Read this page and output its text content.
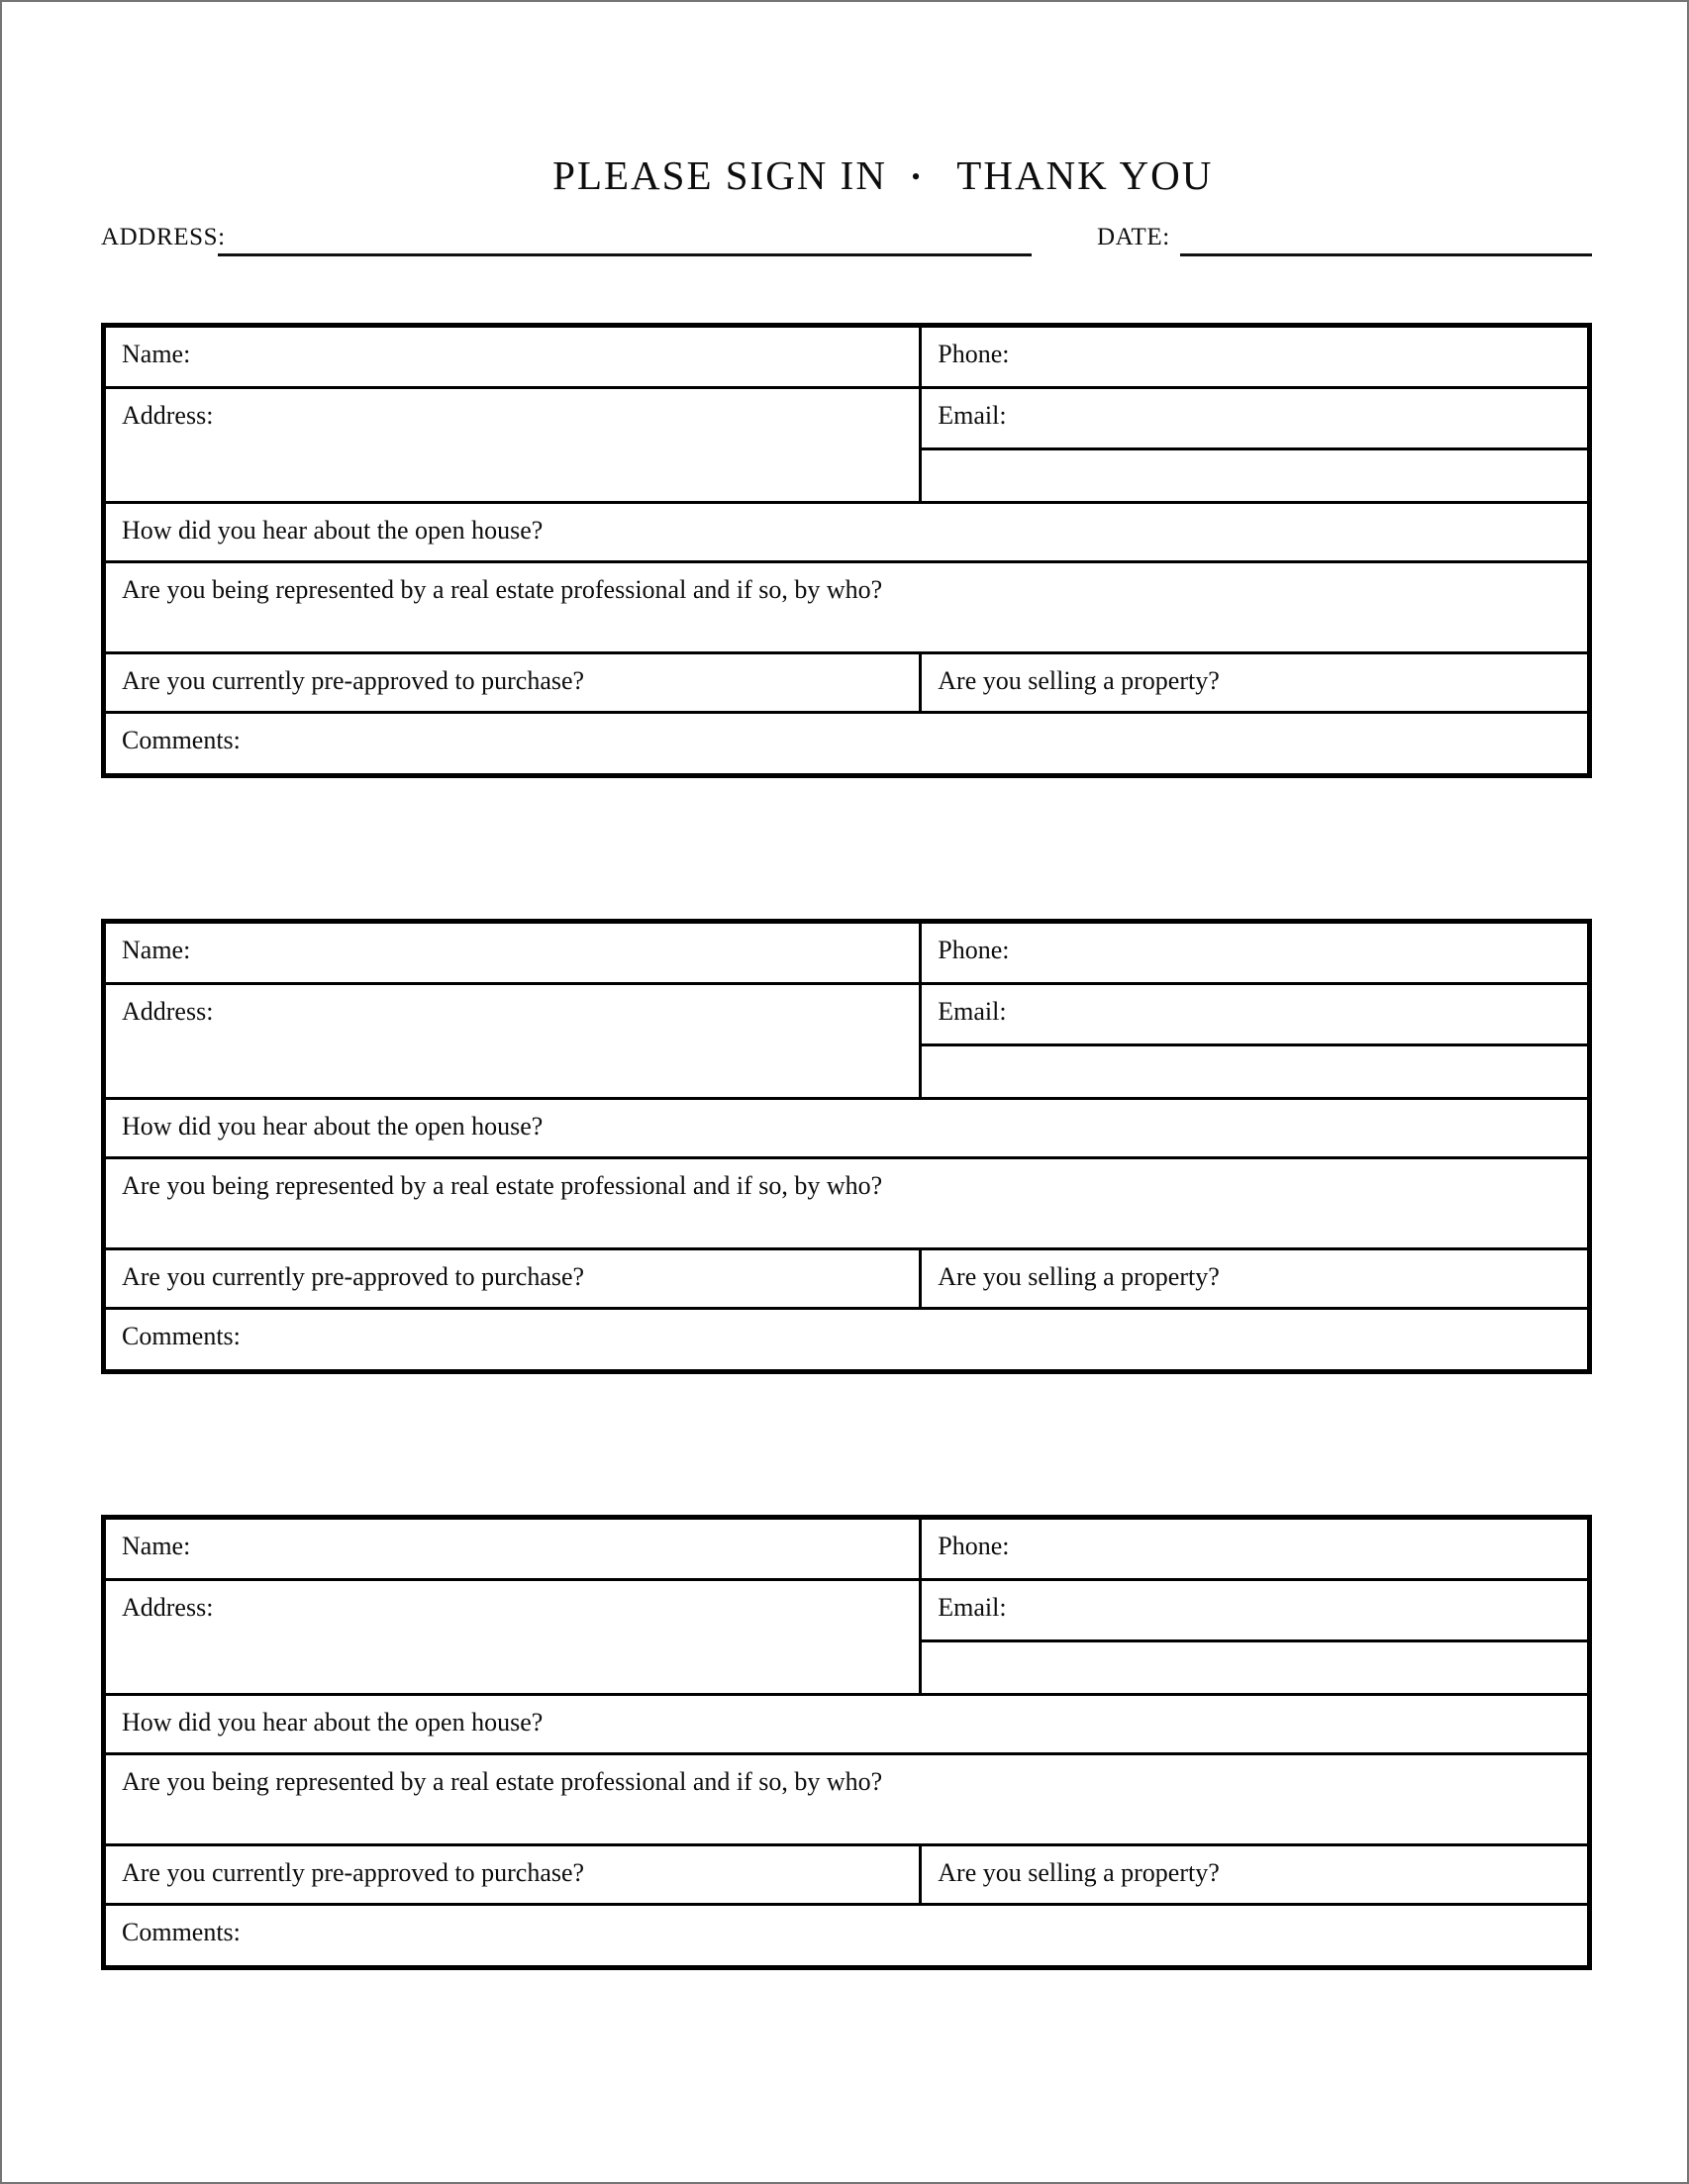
PLEASE SIGN IN • THANK YOU

ADDRESS:	DATE:
Name:	Phone:
Address:	Email:
How did you hear about the open house?
Are you being represented by a real estate professional and if so, by who?
Are you currently pre-approved to purchase?	Are you selling a property?
Comments:
Name:	Phone:
Address:	Email:
How did you hear about the open house?
Are you being represented by a real estate professional and if so, by who?
Are you currently pre-approved to purchase?	Are you selling a property?
Comments:
Name:	Phone:
Address:	Email:
How did you hear about the open house?
Are you being represented by a real estate professional and if so, by who?
Are you currently pre-approved to purchase?	Are you selling a property?
Comments:
